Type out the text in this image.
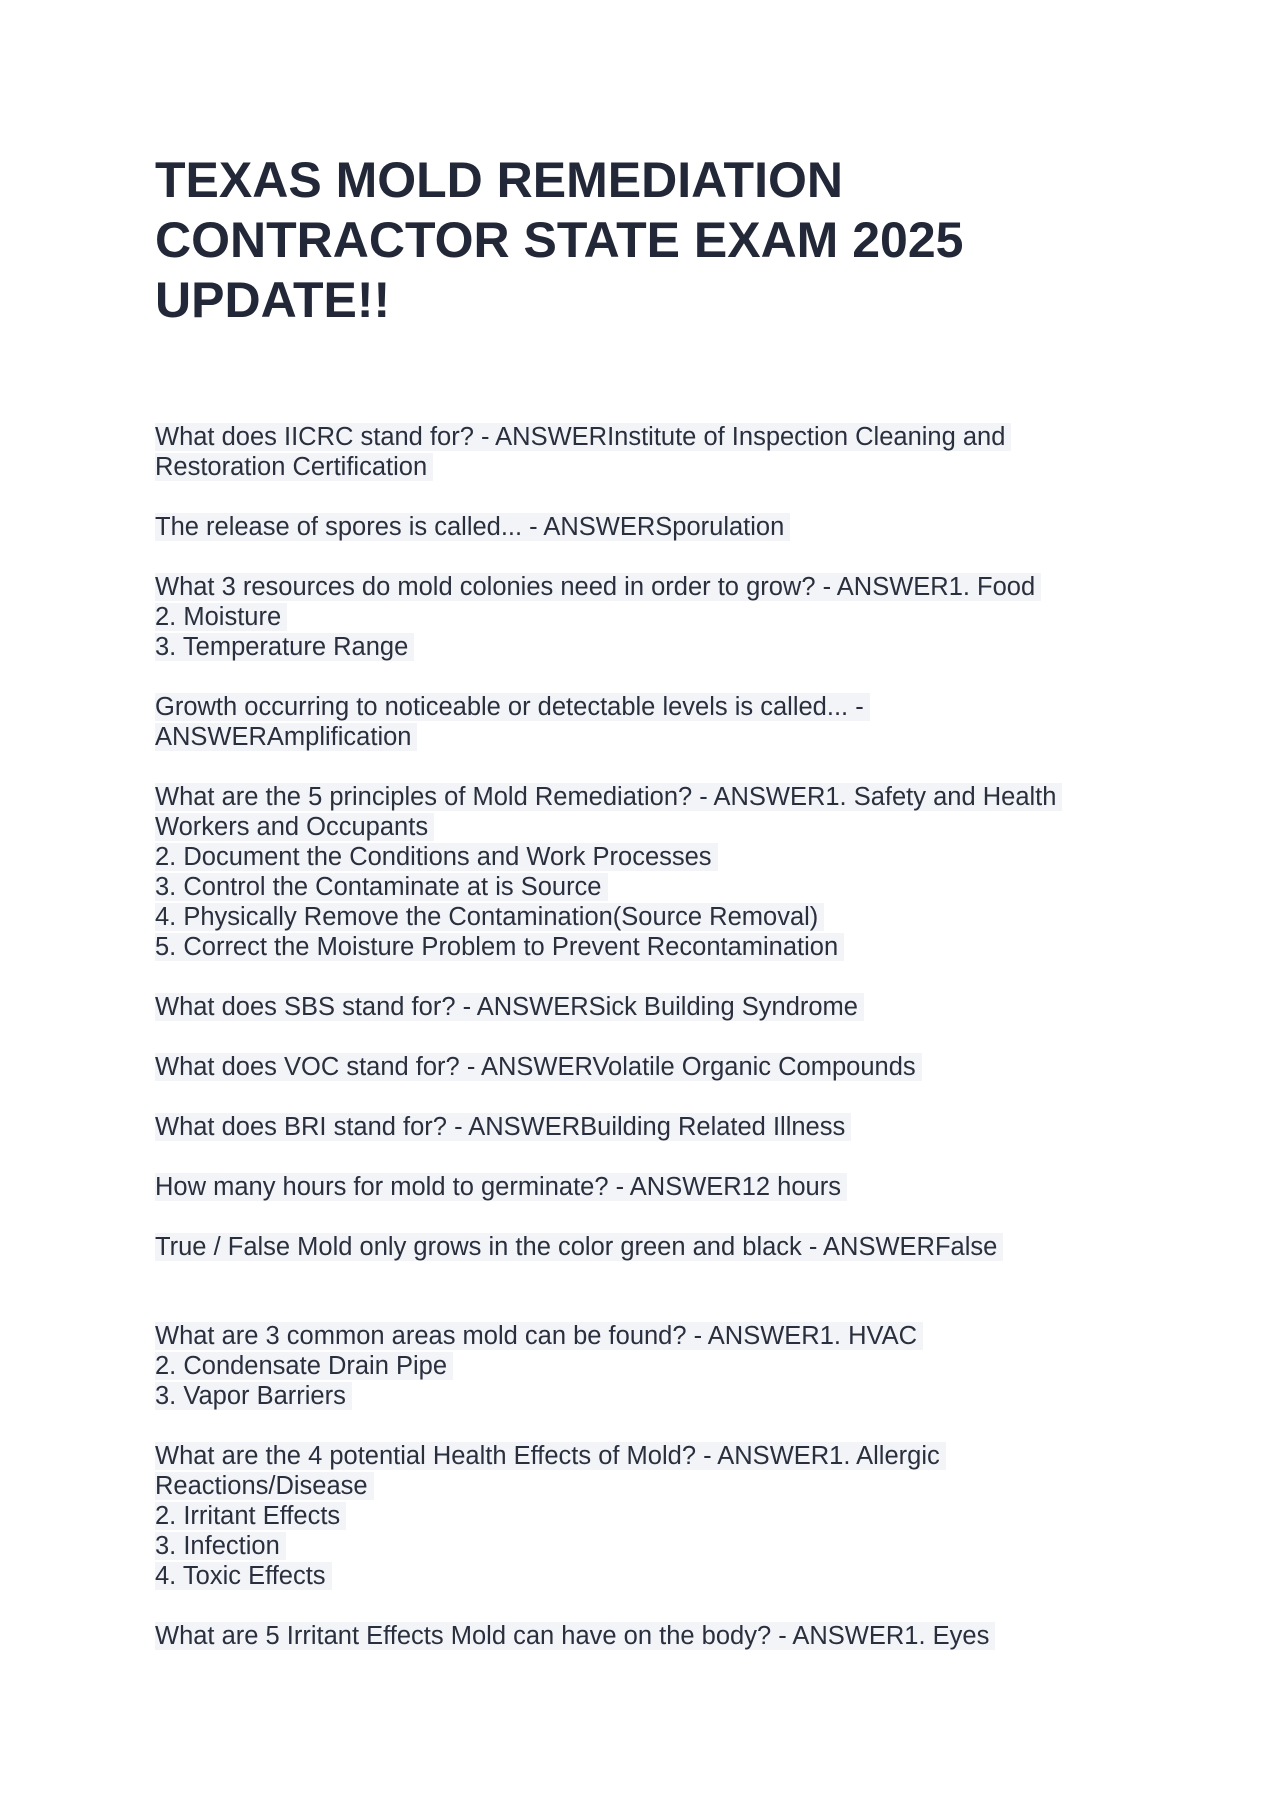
TEXAS MOLD REMEDIATION
CONTRACTOR STATE EXAM 2025
UPDATE!!
What does IICRC stand for? - ANSWERInstitute of Inspection Cleaning and
Restoration Certification
The release of spores is called... - ANSWERSporulation
What 3 resources do mold colonies need in order to grow? - ANSWER1. Food
2. Moisture
3. Temperature Range
Growth occurring to noticeable or detectable levels is called... -
ANSWERAmplification
What are the 5 principles of Mold Remediation? - ANSWER1. Safety and Health
Workers and Occupants
2. Document the Conditions and Work Processes
3. Control the Contaminate at is Source
4. Physically Remove the Contamination(Source Removal)
5. Correct the Moisture Problem to Prevent Recontamination
What does SBS stand for? - ANSWERSick Building Syndrome
What does VOC stand for? - ANSWERVolatile Organic Compounds
What does BRI stand for? - ANSWERBuilding Related Illness
How many hours for mold to germinate? - ANSWER12 hours
True / False Mold only grows in the color green and black - ANSWERFalse
What are 3 common areas mold can be found? - ANSWER1. HVAC
2. Condensate Drain Pipe
3. Vapor Barriers
What are the 4 potential Health Effects of Mold? - ANSWER1. Allergic
Reactions/Disease
2. Irritant Effects
3. Infection
4. Toxic Effects
What are 5 Irritant Effects Mold can have on the body? - ANSWER1. Eyes
